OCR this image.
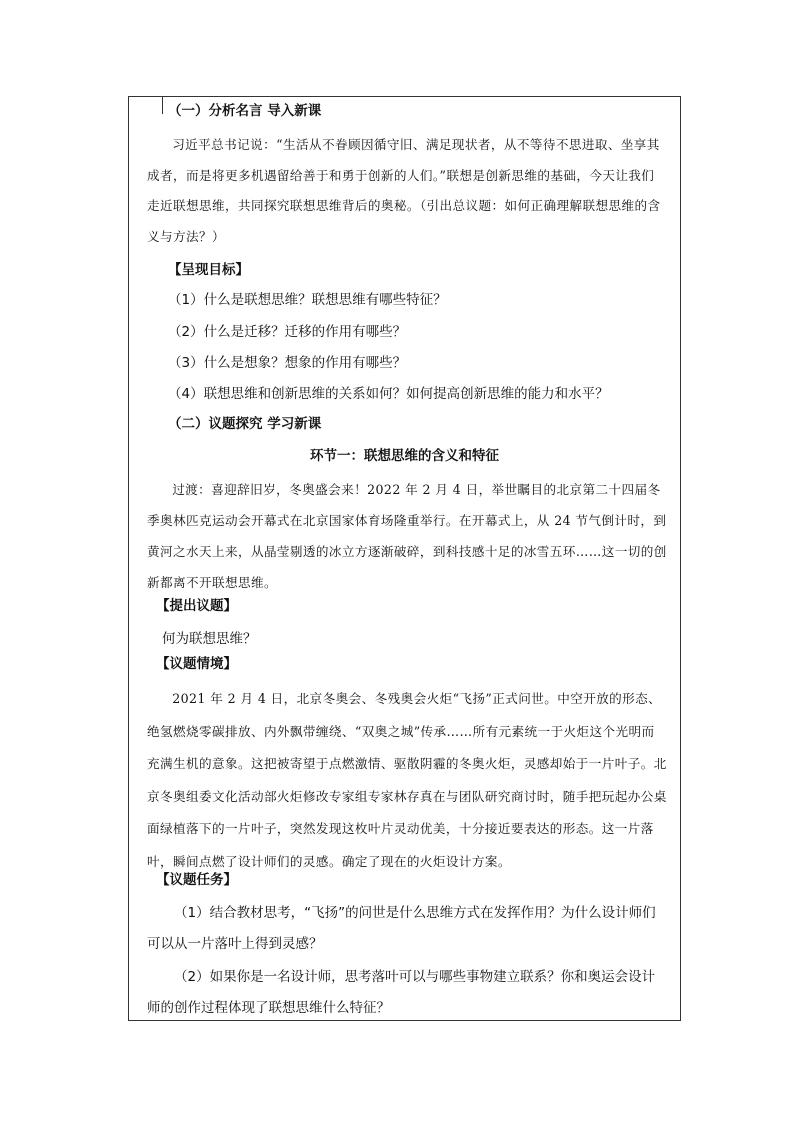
（一）分析名言 导入新课

习近平总书记说：“生活从不眷顾因循守旧、满足现状者，从不等待不思进取、坐享其成者，而是将更多机遇留给善于和勇于创新的人们。”联想是创新思维的基础，今天让我们走近联想思维，共同探究联想思维背后的奥秘。（引出总议题：如何正确理解联想思维的含义与方法？）

【呈现目标】

（1）什么是联想思维？联想思维有哪些特征？

（2）什么是迁移？迁移的作用有哪些？

（3）什么是想象？想象的作用有哪些？

（4）联想思维和创新思维的关系如何？如何提高创新思维的能力和水平？

（二）议题探究 学习新课

环节一：联想思维的含义和特征

过渡：喜迎辞旧岁，冬奥盛会来！2022 年 2 月 4 日，举世瞩目的北京第二十四届冬季奥林匹克运动会开幕式在北京国家体育场隆重举行。在开幕式上，从 24 节气倒计时，到黄河之水天上来，从晶莹剔透的冰立方逐渐破碎，到科技感十足的冰雪五环……这一切的创新都离不开联想思维。

【提出议题】

何为联想思维？

【议题情境】

2021 年 2 月 4 日，北京冬奥会、冬残奥会火炬“飞扬”正式问世。中空开放的形态、绝氢燃烧零碳排放、内外飘带缠绕、“双奥之城”传承……所有元素统一于火炬这个光明而充满生机的意象。这把被寄望于点燃激情、驱散阴霾的冬奥火炬，灵感却始于一片叶子。北京冬奥组委文化活动部火炬修改专家组专家林存真在与团队研究商讨时，随手把玩起办公桌面绿植落下的一片叶子，突然发现这枚叶片灵动优美，十分接近要表达的形态。这一片落叶，瞬间点燃了设计师们的灵感。确定了现在的火炬设计方案。

【议题任务】

（1）结合教材思考，“飞扬”的问世是什么思维方式在发挥作用？为什么设计师们可以从一片落叶上得到灵感？

（2）如果你是一名设计师，思考落叶可以与哪些事物建立联系？你和奥运会设计师的创作过程体现了联想思维什么特征？
